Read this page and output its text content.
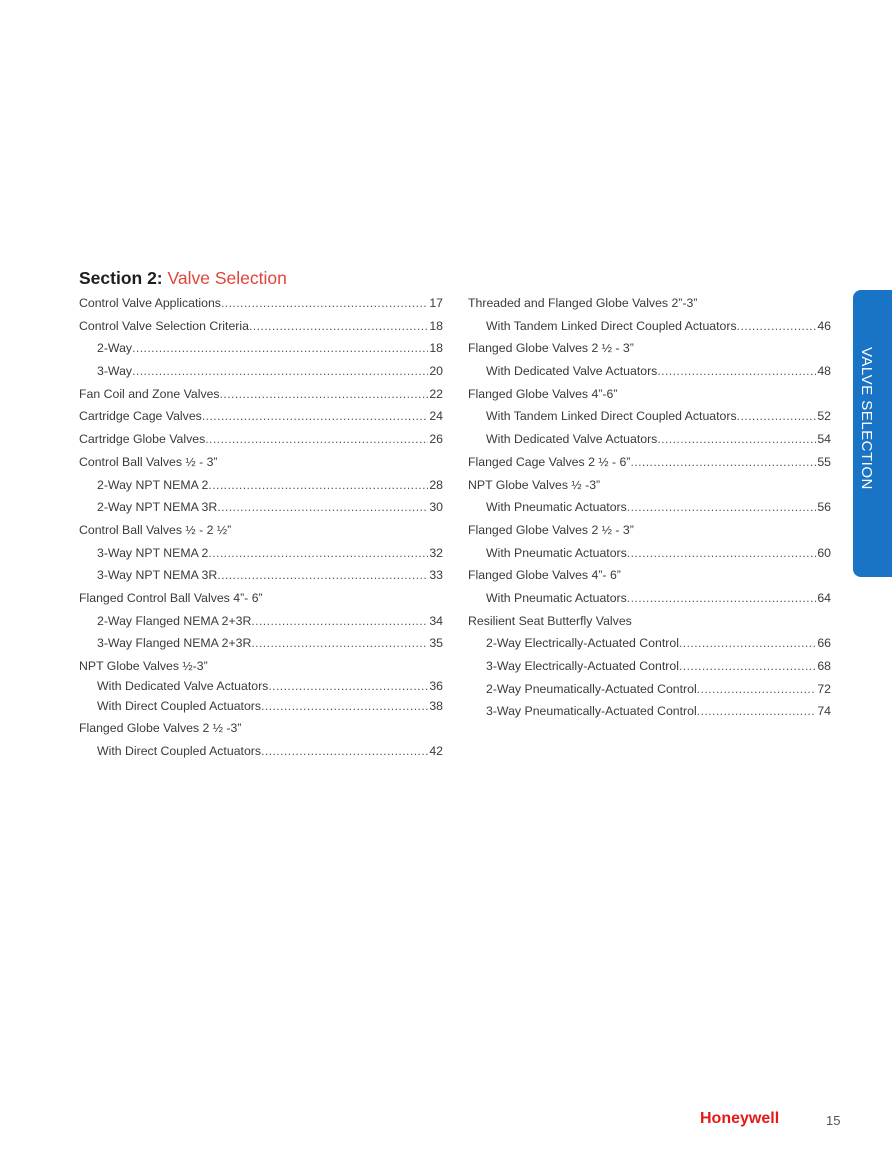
Section 2: Valve Selection
Control Valve Applications .....	17
Control Valve Selection Criteria .....	18
2-Way .....	18
3-Way .....	20
Fan Coil and Zone Valves .....	22
Cartridge Cage Valves .....	24
Cartridge Globe Valves .....	26
Control Ball Valves ½ - 3”
2-Way NPT NEMA 2 .....	28
2-Way NPT NEMA 3R .....	30
Control Ball Valves ½ - 2 ½”
3-Way NPT NEMA 2 .....	32
3-Way NPT NEMA 3R .....	33
Flanged Control Ball Valves 4”- 6”
2-Way Flanged NEMA 2+3R .....	34
3-Way Flanged NEMA 2+3R .....	35
NPT Globe Valves ½-3”
With Dedicated Valve Actuators .....	36
With Direct Coupled Actuators .....	38
Flanged Globe Valves 2 ½ -3”
With Direct Coupled Actuators .....	42
Threaded and Flanged Globe Valves 2”-3”
With Tandem Linked Direct Coupled Actuators .....	46
Flanged Globe Valves 2 ½ - 3”
With Dedicated Valve Actuators .....	48
Flanged Globe Valves 4”-6”
With Tandem Linked Direct Coupled Actuators .....	52
With Dedicated Valve Actuators .....	54
Flanged Cage Valves 2 ½ - 6” .....	55
NPT Globe Valves ½ -3”
With Pneumatic Actuators .....	56
Flanged Globe Valves 2 ½ - 3”
With Pneumatic Actuators .....	60
Flanged Globe Valves 4”- 6”
With Pneumatic Actuators .....	64
Resilient Seat Butterfly Valves
2-Way Electrically-Actuated Control .....	66
3-Way Electrically-Actuated Control .....	68
2-Way Pneumatically-Actuated Control .....	72
3-Way Pneumatically-Actuated Control .....	74
VALVE SELECTION
Honeywell	15
